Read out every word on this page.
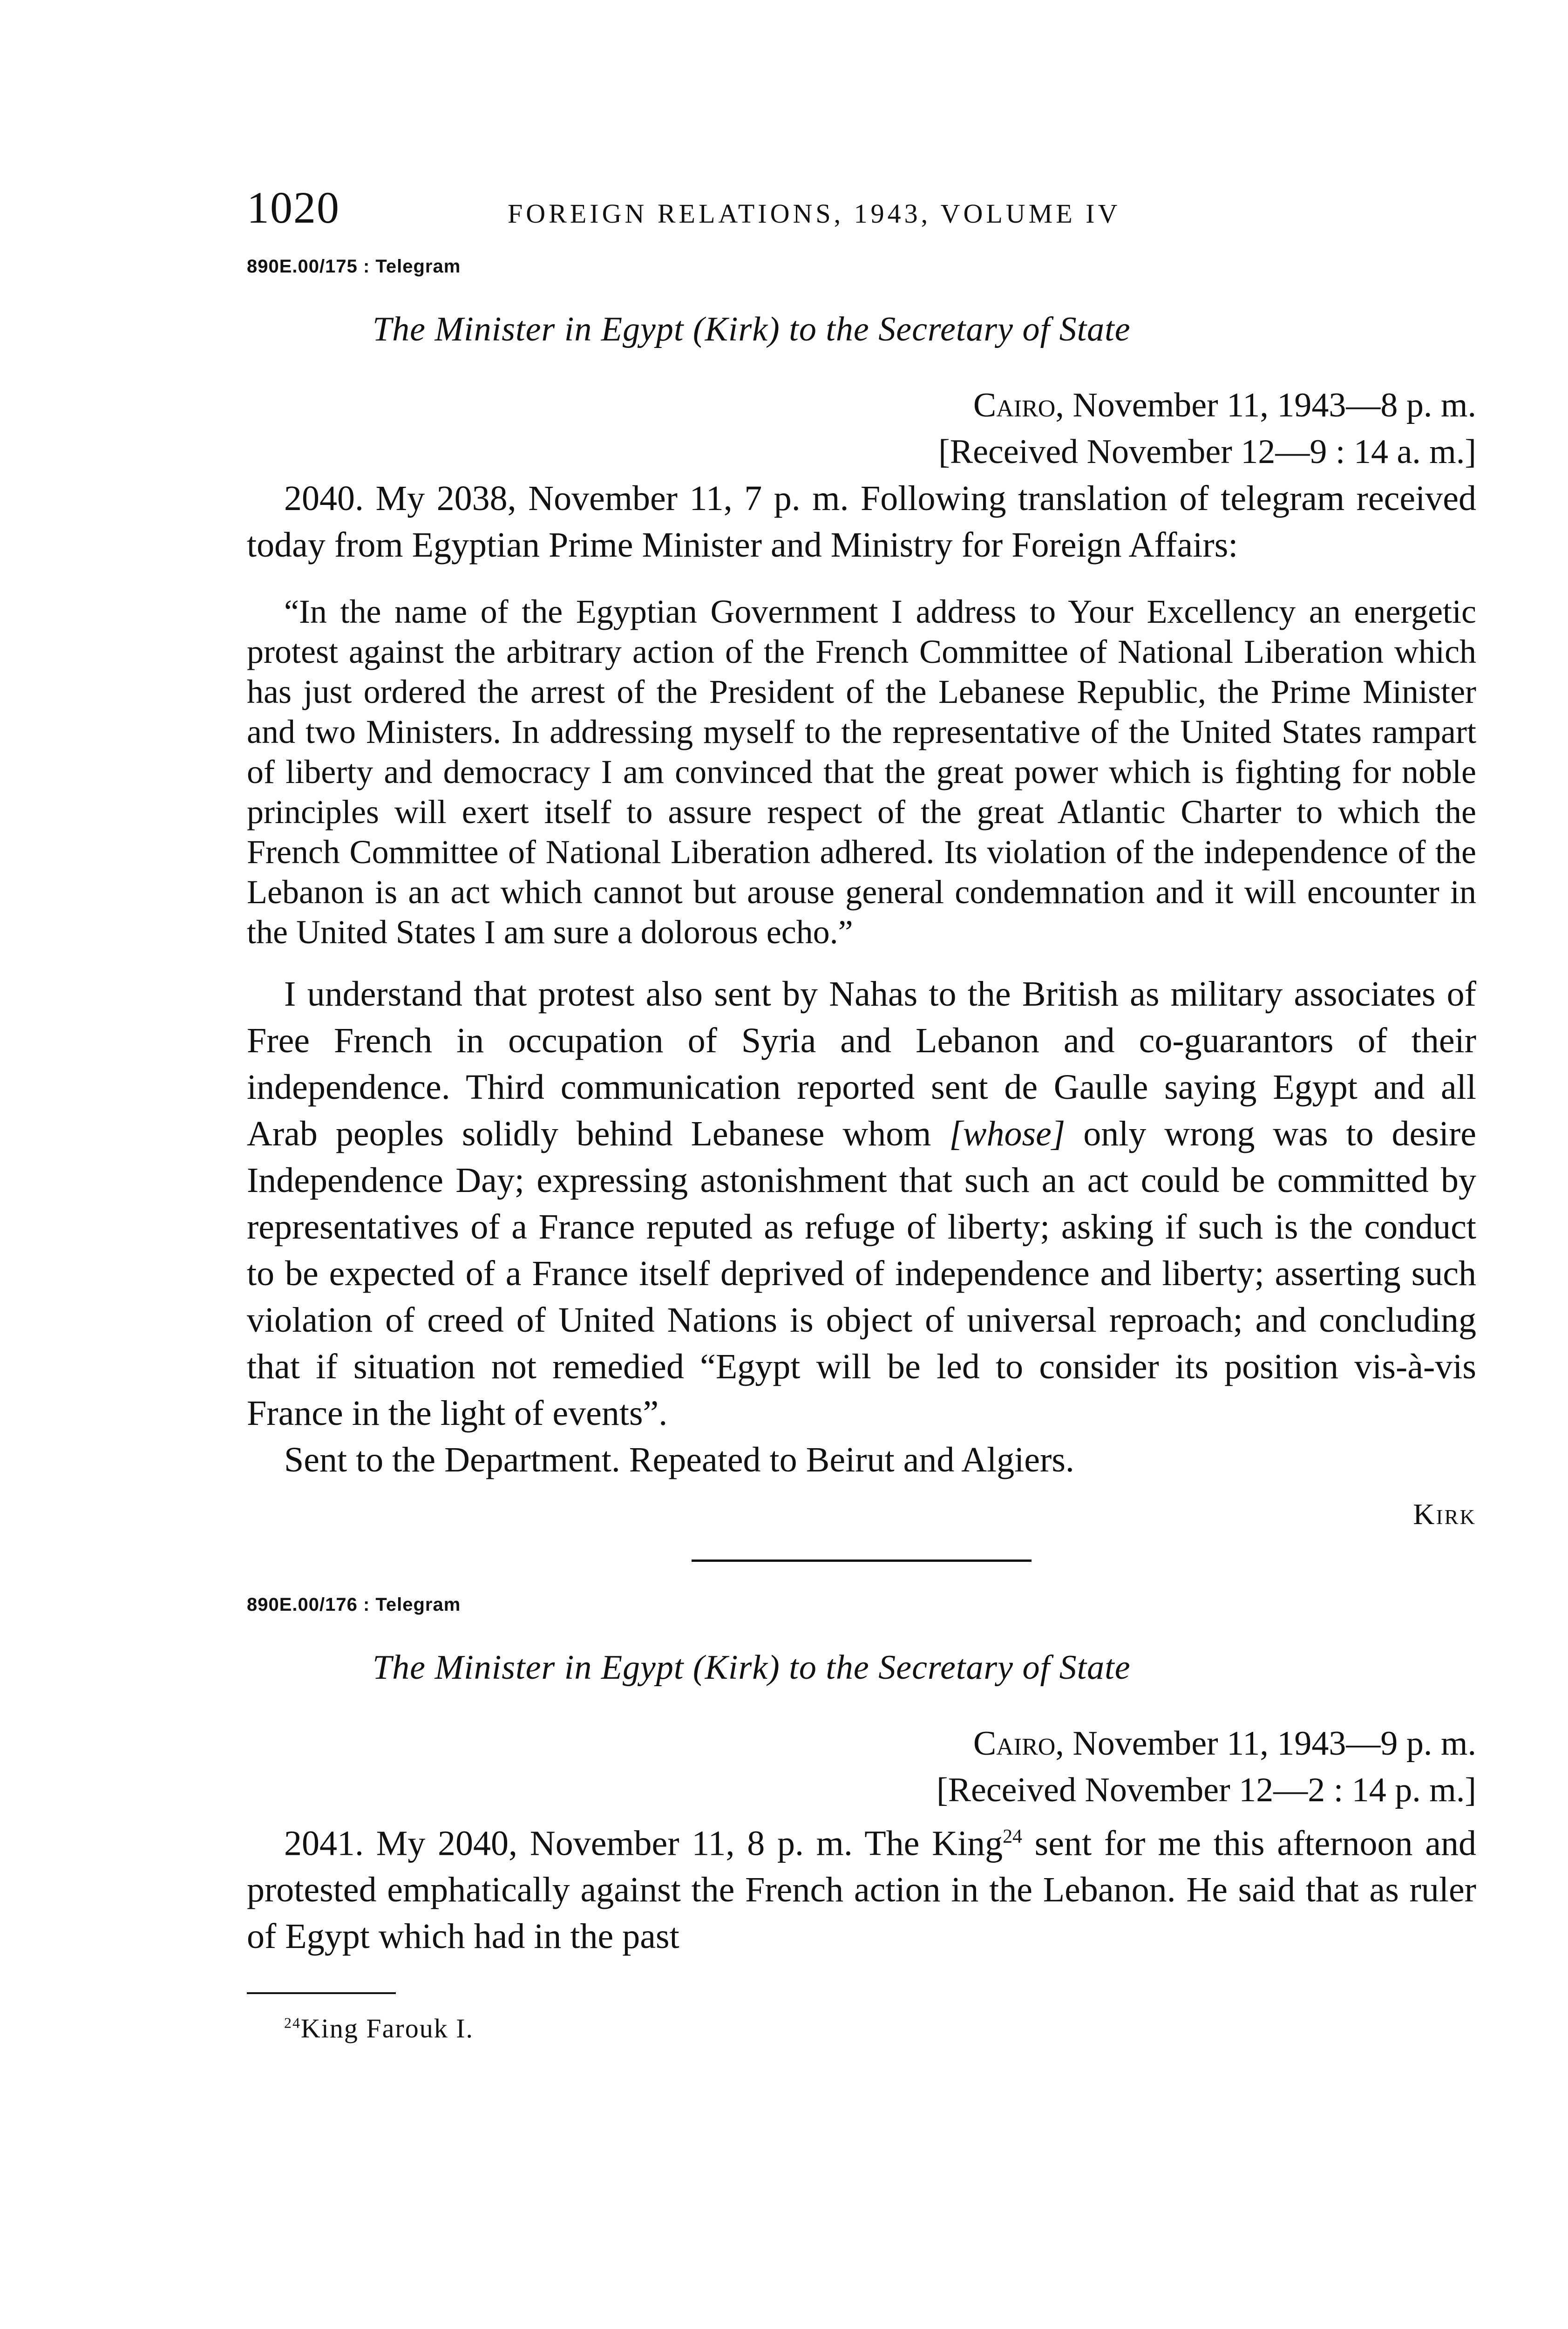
1020	FOREIGN RELATIONS, 1943, VOLUME IV
890E.00/175 : Telegram
The Minister in Egypt (Kirk) to the Secretary of State
Cairo, November 11, 1943—8 p. m.
[Received November 12—9 : 14 a. m.]

2040. My 2038, November 11, 7 p. m. Following translation of telegram received today from Egyptian Prime Minister and Ministry for Foreign Affairs:

“In the name of the Egyptian Government I address to Your Excellency an energetic protest against the arbitrary action of the French Committee of National Liberation which has just ordered the arrest of the President of the Lebanese Republic, the Prime Minister and two Ministers. In addressing myself to the representative of the United States rampart of liberty and democracy I am convinced that the great power which is fighting for noble principles will exert itself to assure respect of the great Atlantic Charter to which the French Committee of National Liberation adhered. Its violation of the independence of the Lebanon is an act which cannot but arouse general condemnation and it will encounter in the United States I am sure a dolorous echo.”

I understand that protest also sent by Nahas to the British as military associates of Free French in occupation of Syria and Lebanon and co-guarantors of their independence. Third communication reported sent de Gaulle saying Egypt and all Arab peoples solidly behind Lebanese whom [whose] only wrong was to desire Independence Day; expressing astonishment that such an act could be committed by representatives of a France reputed as refuge of liberty; asking if such is the conduct to be expected of a France itself deprived of independence and liberty; asserting such violation of creed of United Nations is object of universal reproach; and concluding that if situation not remedied “Egypt will be led to consider its position vis-à-vis France in the light of events”.

Sent to the Department. Repeated to Beirut and Algiers.

Kirk
890E.00/176 : Telegram
The Minister in Egypt (Kirk) to the Secretary of State
Cairo, November 11, 1943—9 p. m.
[Received November 12—2 : 14 p. m.]

2041. My 2040, November 11, 8 p. m. The King$^{24}$ sent for me this afternoon and protested emphatically against the French action in the Lebanon. He said that as ruler of Egypt which had in the past

$^{24}$King Farouk I.
